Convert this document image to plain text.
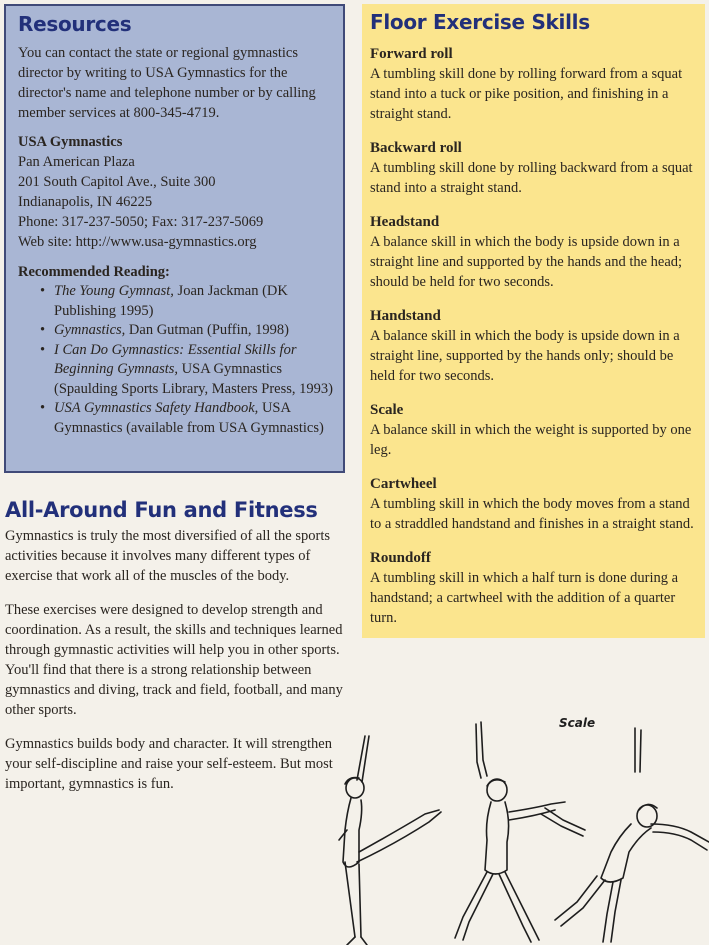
Resources

You can contact the state or regional gymnastics director by writing to USA Gymnastics for the director's name and telephone number or by calling member services at 800-345-4719.

USA Gymnastics

Pan American Plaza

201 South Capitol Ave., Suite 300

Indianapolis, IN 46225

Phone: 317-237-5050; Fax: 317-237-5069

Web site: http://www.usa-gymnastics.org

Recommended Reading:

• The Young Gymnast, Joan Jackman (DK Publishing 1995)
• Gymnastics, Dan Gutman (Puffin, 1998)
• I Can Do Gymnastics: Essential Skills for Beginning Gymnasts, USA Gymnastics (Spaulding Sports Library, Masters Press, 1993)
• USA Gymnastics Safety Handbook, USA Gymnastics (available from USA Gymnastics)
Floor Exercise Skills
Forward roll
A tumbling skill done by rolling forward from a squat stand into a tuck or pike position, and finishing in a straight stand.
Backward roll
A tumbling skill done by rolling backward from a squat stand into a straight stand.
Headstand
A balance skill in which the body is upside down in a straight line and supported by the hands and the head; should be held for two seconds.
Handstand
A balance skill in which the body is upside down in a straight line, supported by the hands only; should be held for two seconds.
Scale
A balance skill in which the weight is supported by one leg.
Cartwheel
A tumbling skill in which the body moves from a stand to a straddled handstand and finishes in a straight stand.
Roundoff
A tumbling skill in which a half turn is done during a handstand; a cartwheel with the addition of a quarter turn.
All-Around Fun and Fitness

Gymnastics is truly the most diversified of all the sports activities because it involves many different types of exercise that work all of the muscles of the body.

These exercises were designed to develop strength and coordination. As a result, the skills and techniques learned through gymnastic activities will help you in other sports. You'll find that there is a strong relationship between gymnastics and diving, track and field, football, and many other sports.

Gymnastics builds body and character. It will strengthen your self-discipline and raise your self-esteem. But most important, gymnastics is fun.

Scale
